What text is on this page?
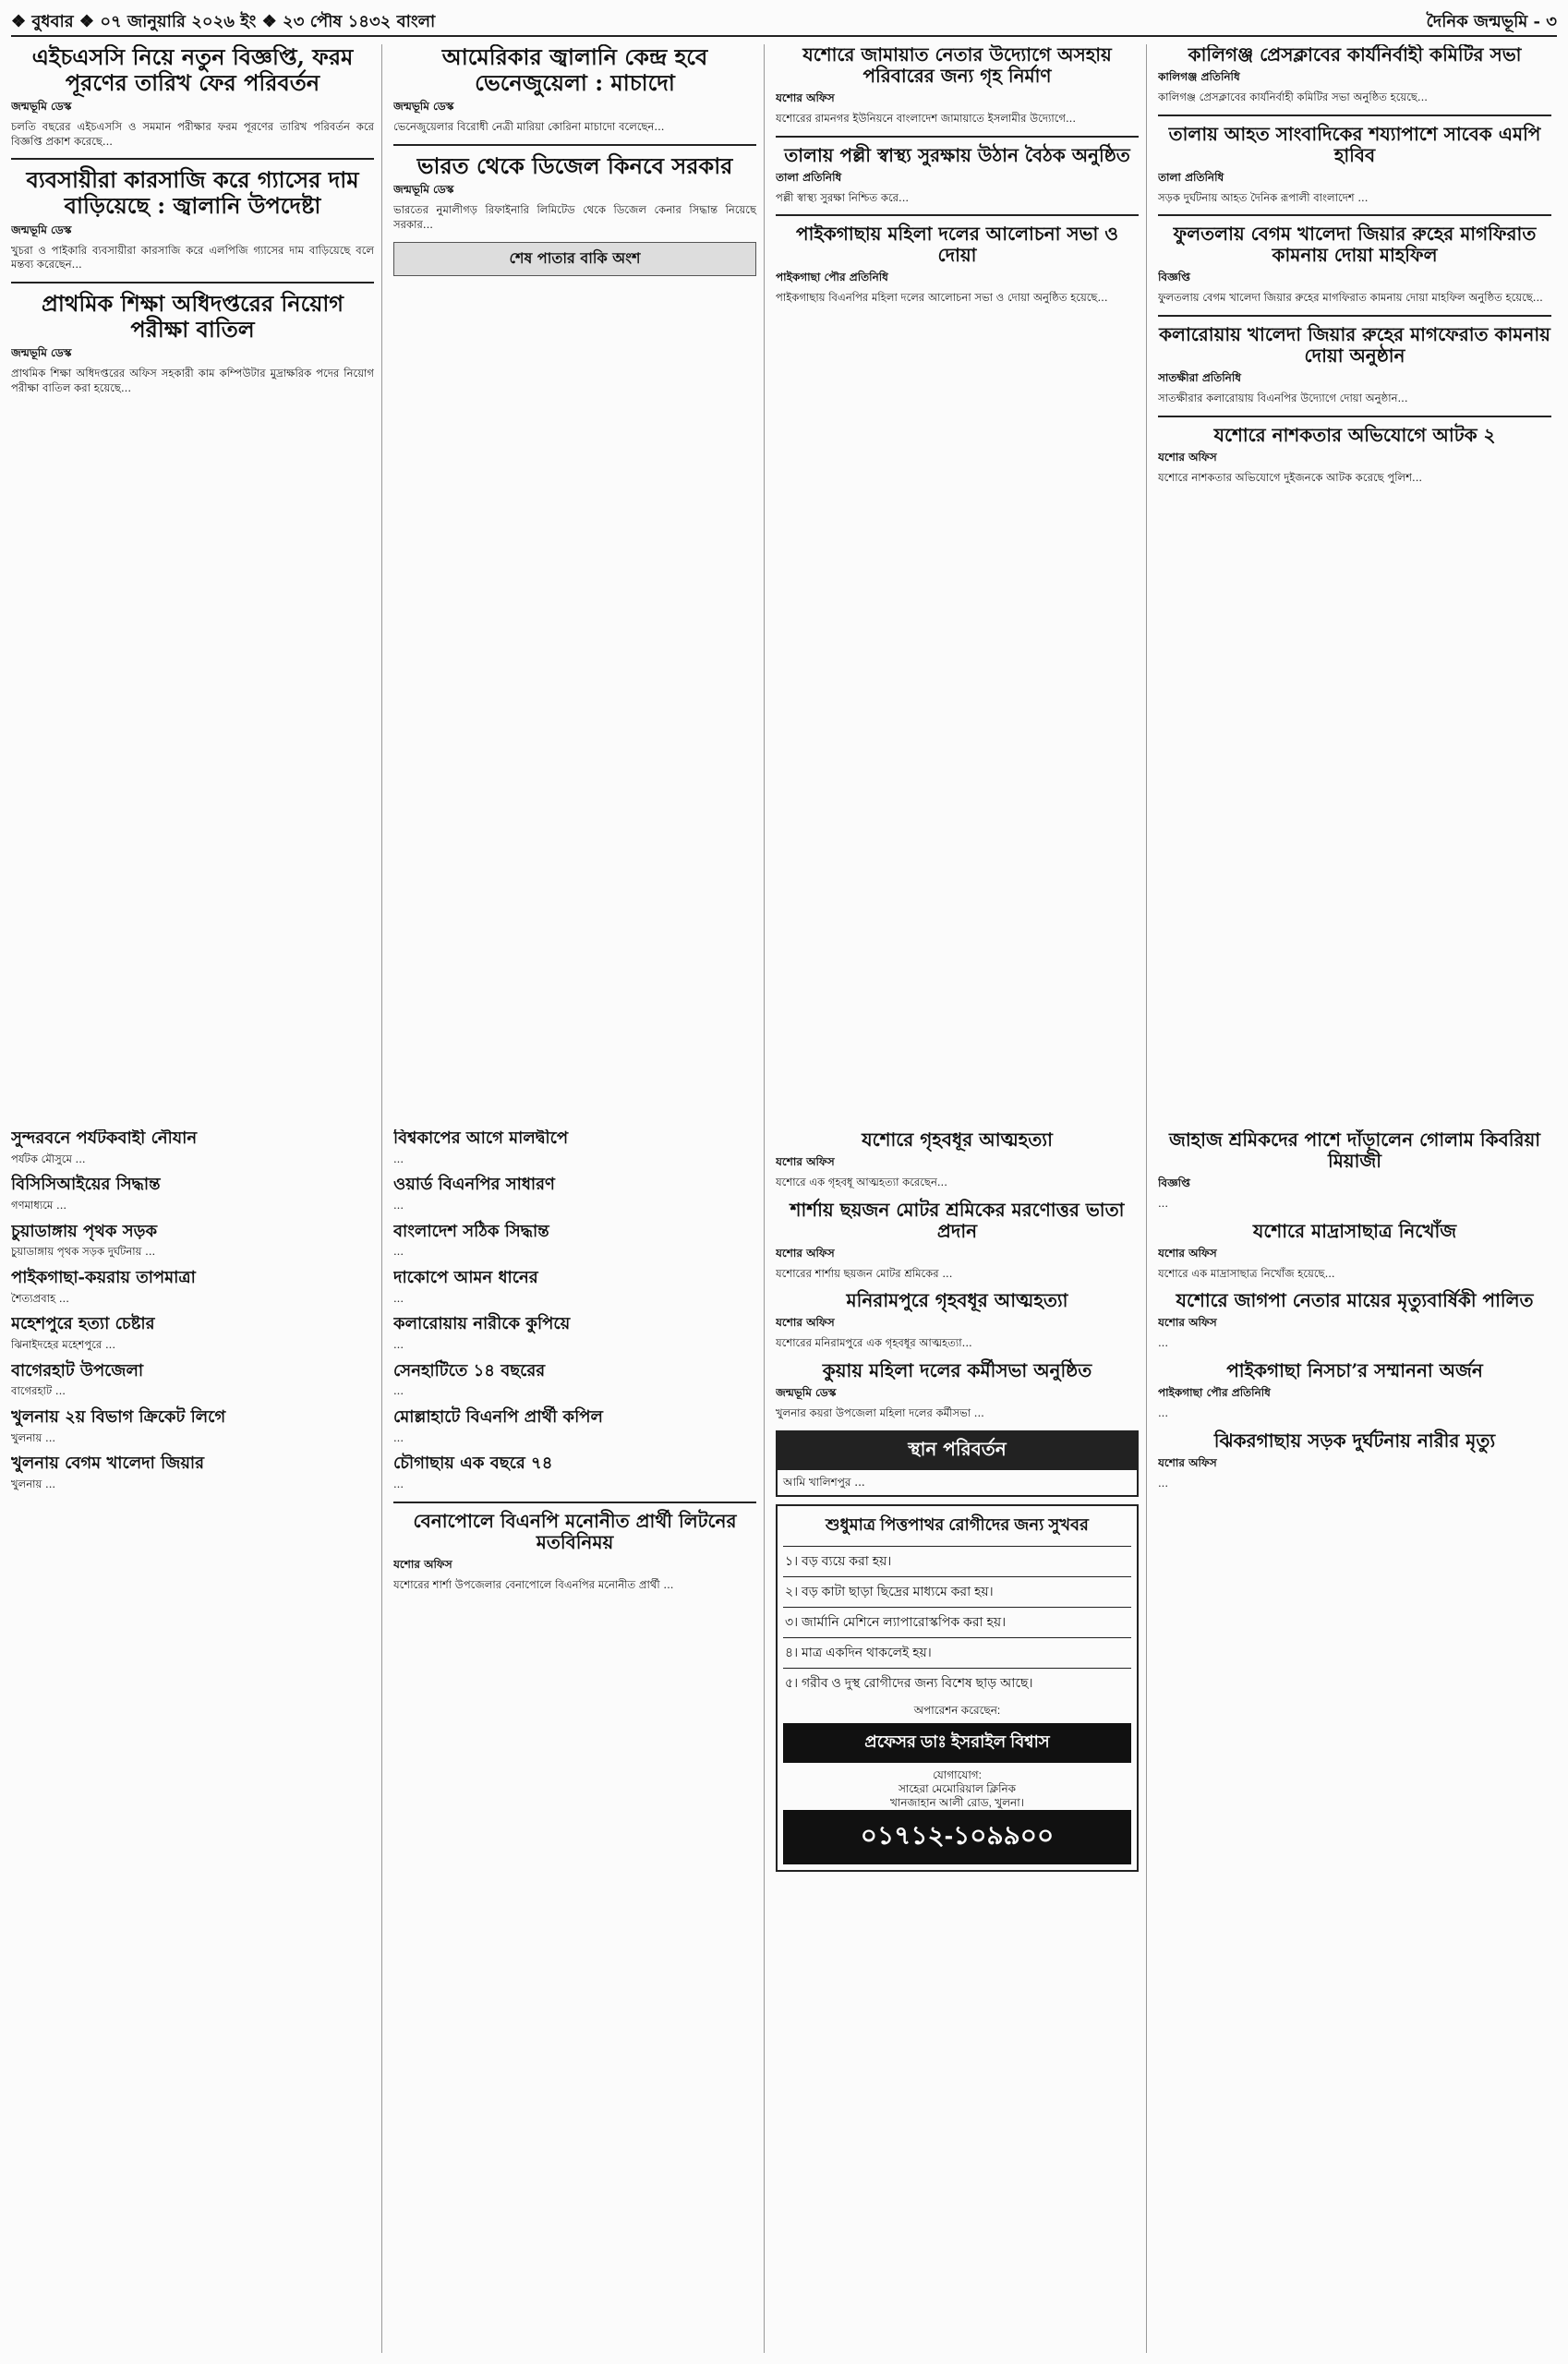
❖ বুধবার ❖ ০৭ জানুয়ারি ২০২৬ ইং ❖ ২৩ পৌষ ১৪৩২ বাংলা	দৈনিক জন্মভূমি - ৩
এইচএসসি নিয়ে নতুন বিজ্ঞপ্তি, ফরম পূরণের তারিখ ফের পরিবর্তন
জন্মভূমি ডেস্ক
চলতি বছরের এইচএসসি ও সমমান পরীক্ষার ফরম পূরণের তারিখ পরিবর্তন করে বিজ্ঞপ্তি প্রকাশ করেছে...
ব্যবসায়ীরা কারসাজি করে গ্যাসের দাম বাড়িয়েছে : জ্বালানি উপদেষ্টা
জন্মভূমি ডেস্ক
খুচরা ও পাইকারি ব্যবসায়ীরা কারসাজি করে এলপিজি গ্যাসের দাম বাড়িয়েছে বলে মন্তব্য করেছেন...
প্রাথমিক শিক্ষা অধিদপ্তরের নিয়োগ পরীক্ষা বাতিল
জন্মভূমি ডেস্ক
প্রাথমিক শিক্ষা অধিদপ্তরের অফিস সহকারী কাম কম্পিউটার মুদ্রাক্ষরিক পদের নিয়োগ পরীক্ষা বাতিল করা হয়েছে...
আমেরিকার জ্বালানি কেন্দ্র হবে ভেনেজুয়েলা : মাচাদো
জন্মভূমি ডেস্ক
ভেনেজুয়েলার বিরোধী নেত্রী মারিয়া কোরিনা মাচাদো বলেছেন...
ভারত থেকে ডিজেল কিনবে সরকার
জন্মভূমি ডেস্ক
ভারতের নুমালীগড় রিফাইনারি লিমিটেড থেকে ডিজেল কেনার সিদ্ধান্ত নিয়েছে সরকার...
শেষ পাতার বাকি অংশ
যশোরে জামায়াত নেতার উদ্যোগে অসহায় পরিবারের জন্য গৃহ নির্মাণ
যশোর অফিস
যশোরের রামনগর ইউনিয়নে বাংলাদেশ জামায়াতে ইসলামীর উদ্যোগে...
তালায় পল্লী স্বাস্থ্য সুরক্ষায় উঠান বৈঠক অনুষ্ঠিত
তালা প্রতিনিধি
পল্লী স্বাস্থ্য সুরক্ষা নিশ্চিত করে...
পাইকগাছায় মহিলা দলের আলোচনা সভা ও দোয়া
পাইকগাছা পৌর প্রতিনিধি
পাইকগাছায় বিএনপির মহিলা দলের আলোচনা সভা ও দোয়া অনুষ্ঠিত হয়েছে...
কালিগঞ্জ প্রেসক্লাবের কার্যনির্বাহী কমিটির সভা
কালিগঞ্জ প্রতিনিধি
কালিগঞ্জ প্রেসক্লাবের কার্যনির্বাহী কমিটির সভা অনুষ্ঠিত হয়েছে...
তালায় আহত সাংবাদিকের শয্যাপাশে সাবেক এমপি হাবিব
তালা প্রতিনিধি
সড়ক দুর্ঘটনায় আহত দৈনিক রূপালী বাংলাদেশ ...
ফুলতলায় বেগম খালেদা জিয়ার রুহের মাগফিরাত কামনায় দোয়া মাহফিল
বিজ্ঞপ্তি
ফুলতলায় বেগম খালেদা জিয়ার রুহের মাগফিরাত কামনায় দোয়া মাহফিল অনুষ্ঠিত হয়েছে...
কলারোয়ায় খালেদা জিয়ার রুহের মাগফেরাত কামনায় দোয়া অনুষ্ঠান
সাতক্ষীরা প্রতিনিধি
সাতক্ষীরার কলারোয়ায় বিএনপির উদ্যোগে দোয়া অনুষ্ঠান...
যশোরে নাশকতার অভিযোগে আটক ২
যশোর অফিস
যশোরে নাশকতার অভিযোগে দুইজনকে আটক করেছে পুলিশ...
সুন্দরবনে পর্যটকবাহী নৌযান
পর্যটক মৌসুমে ...
বিসিসিআইয়ের সিদ্ধান্ত
গণমাধ্যমে ...
চুয়াডাঙ্গায় পৃথক সড়ক
চুয়াডাঙ্গায় পৃথক সড়ক দুর্ঘটনায় ...
পাইকগাছা-কয়রায় তাপমাত্রা
শৈত্যপ্রবাহ ...
মহেশপুরে হত্যা চেষ্টার
ঝিনাইদহের মহেশপুরে ...
বাগেরহাট উপজেলা
বাগেরহাট ...
খুলনায় ২য় বিভাগ ক্রিকেট লিগে
খুলনায় ...
খুলনায় বেগম খালেদা জিয়ার
খুলনায় ...
বিশ্বকাপের আগে মালদ্বীপে
...
ওয়ার্ড বিএনপির সাধারণ
...
বাংলাদেশ সঠিক সিদ্ধান্ত
...
দাকোপে আমন ধানের
...
কলারোয়ায় নারীকে কুপিয়ে
...
সেনহাটিতে ১৪ বছরের
...
মোল্লাহাটে বিএনপি প্রার্থী কপিল
...
চৌগাছায় এক বছরে ৭৪
...
বেনাপোলে বিএনপি মনোনীত প্রার্থী লিটনের মতবিনিময়
যশোর অফিস
যশোরের শার্শা উপজেলার বেনাপোলে বিএনপির মনোনীত প্রার্থী ...
যশোরে গৃহবধূর আত্মহত্যা
যশোর অফিস
যশোরে এক গৃহবধূ আত্মহত্যা করেছেন...
শার্শায় ছয়জন মোটর শ্রমিকের মরণোত্তর ভাতা প্রদান
যশোর অফিস
যশোরের শার্শায় ছয়জন মোটর শ্রমিকের ...
মনিরামপুরে গৃহবধূর আত্মহত্যা
যশোর অফিস
যশোরের মনিরামপুরে এক গৃহবধূর আত্মহত্যা...
কুয়ায় মহিলা দলের কর্মীসভা অনুষ্ঠিত
জন্মভূমি ডেস্ক
খুলনার কয়রা উপজেলা মহিলা দলের কর্মীসভা ...
স্থান পরিবর্তন
আমি খালিশপুর ...
শুধুমাত্র পিত্তপাথর রোগীদের জন্য সুখবর
১। বড় ব্যয়ে করা হয়।
২। বড় কাটা ছাড়া ছিদ্রের মাধ্যমে করা হয়।
৩। জার্মানি মেশিনে ল্যাপারোস্কপিক করা হয়।
৪। মাত্র একদিন থাকলেই হয়।
৫। গরীব ও দুস্থ রোগীদের জন্য বিশেষ ছাড় আছে।
অপারেশন করেছেন:
প্রফেসর ডাঃ ইসরাইল বিশ্বাস
যোগাযোগ:
সাহেরা মেমোরিয়াল ক্লিনিক
খানজাহান আলী রোড, খুলনা।
০১৭১২-১০৯৯০০
জাহাজ শ্রমিকদের পাশে দাঁড়ালেন গোলাম কিবরিয়া মিয়াজী
বিজ্ঞপ্তি
...
যশোরে মাদ্রাসাছাত্র নিখোঁজ
যশোর অফিস
যশোরে এক মাদ্রাসাছাত্র নিখোঁজ হয়েছে...
যশোরে জাগপা নেতার মায়ের মৃত্যুবার্ষিকী পালিত
যশোর অফিস
...
পাইকগাছা নিসচা’র সম্মাননা অর্জন
পাইকগাছা পৌর প্রতিনিধি
...
ঝিকরগাছায় সড়ক দুর্ঘটনায় নারীর মৃত্যু
যশোর অফিস
...
